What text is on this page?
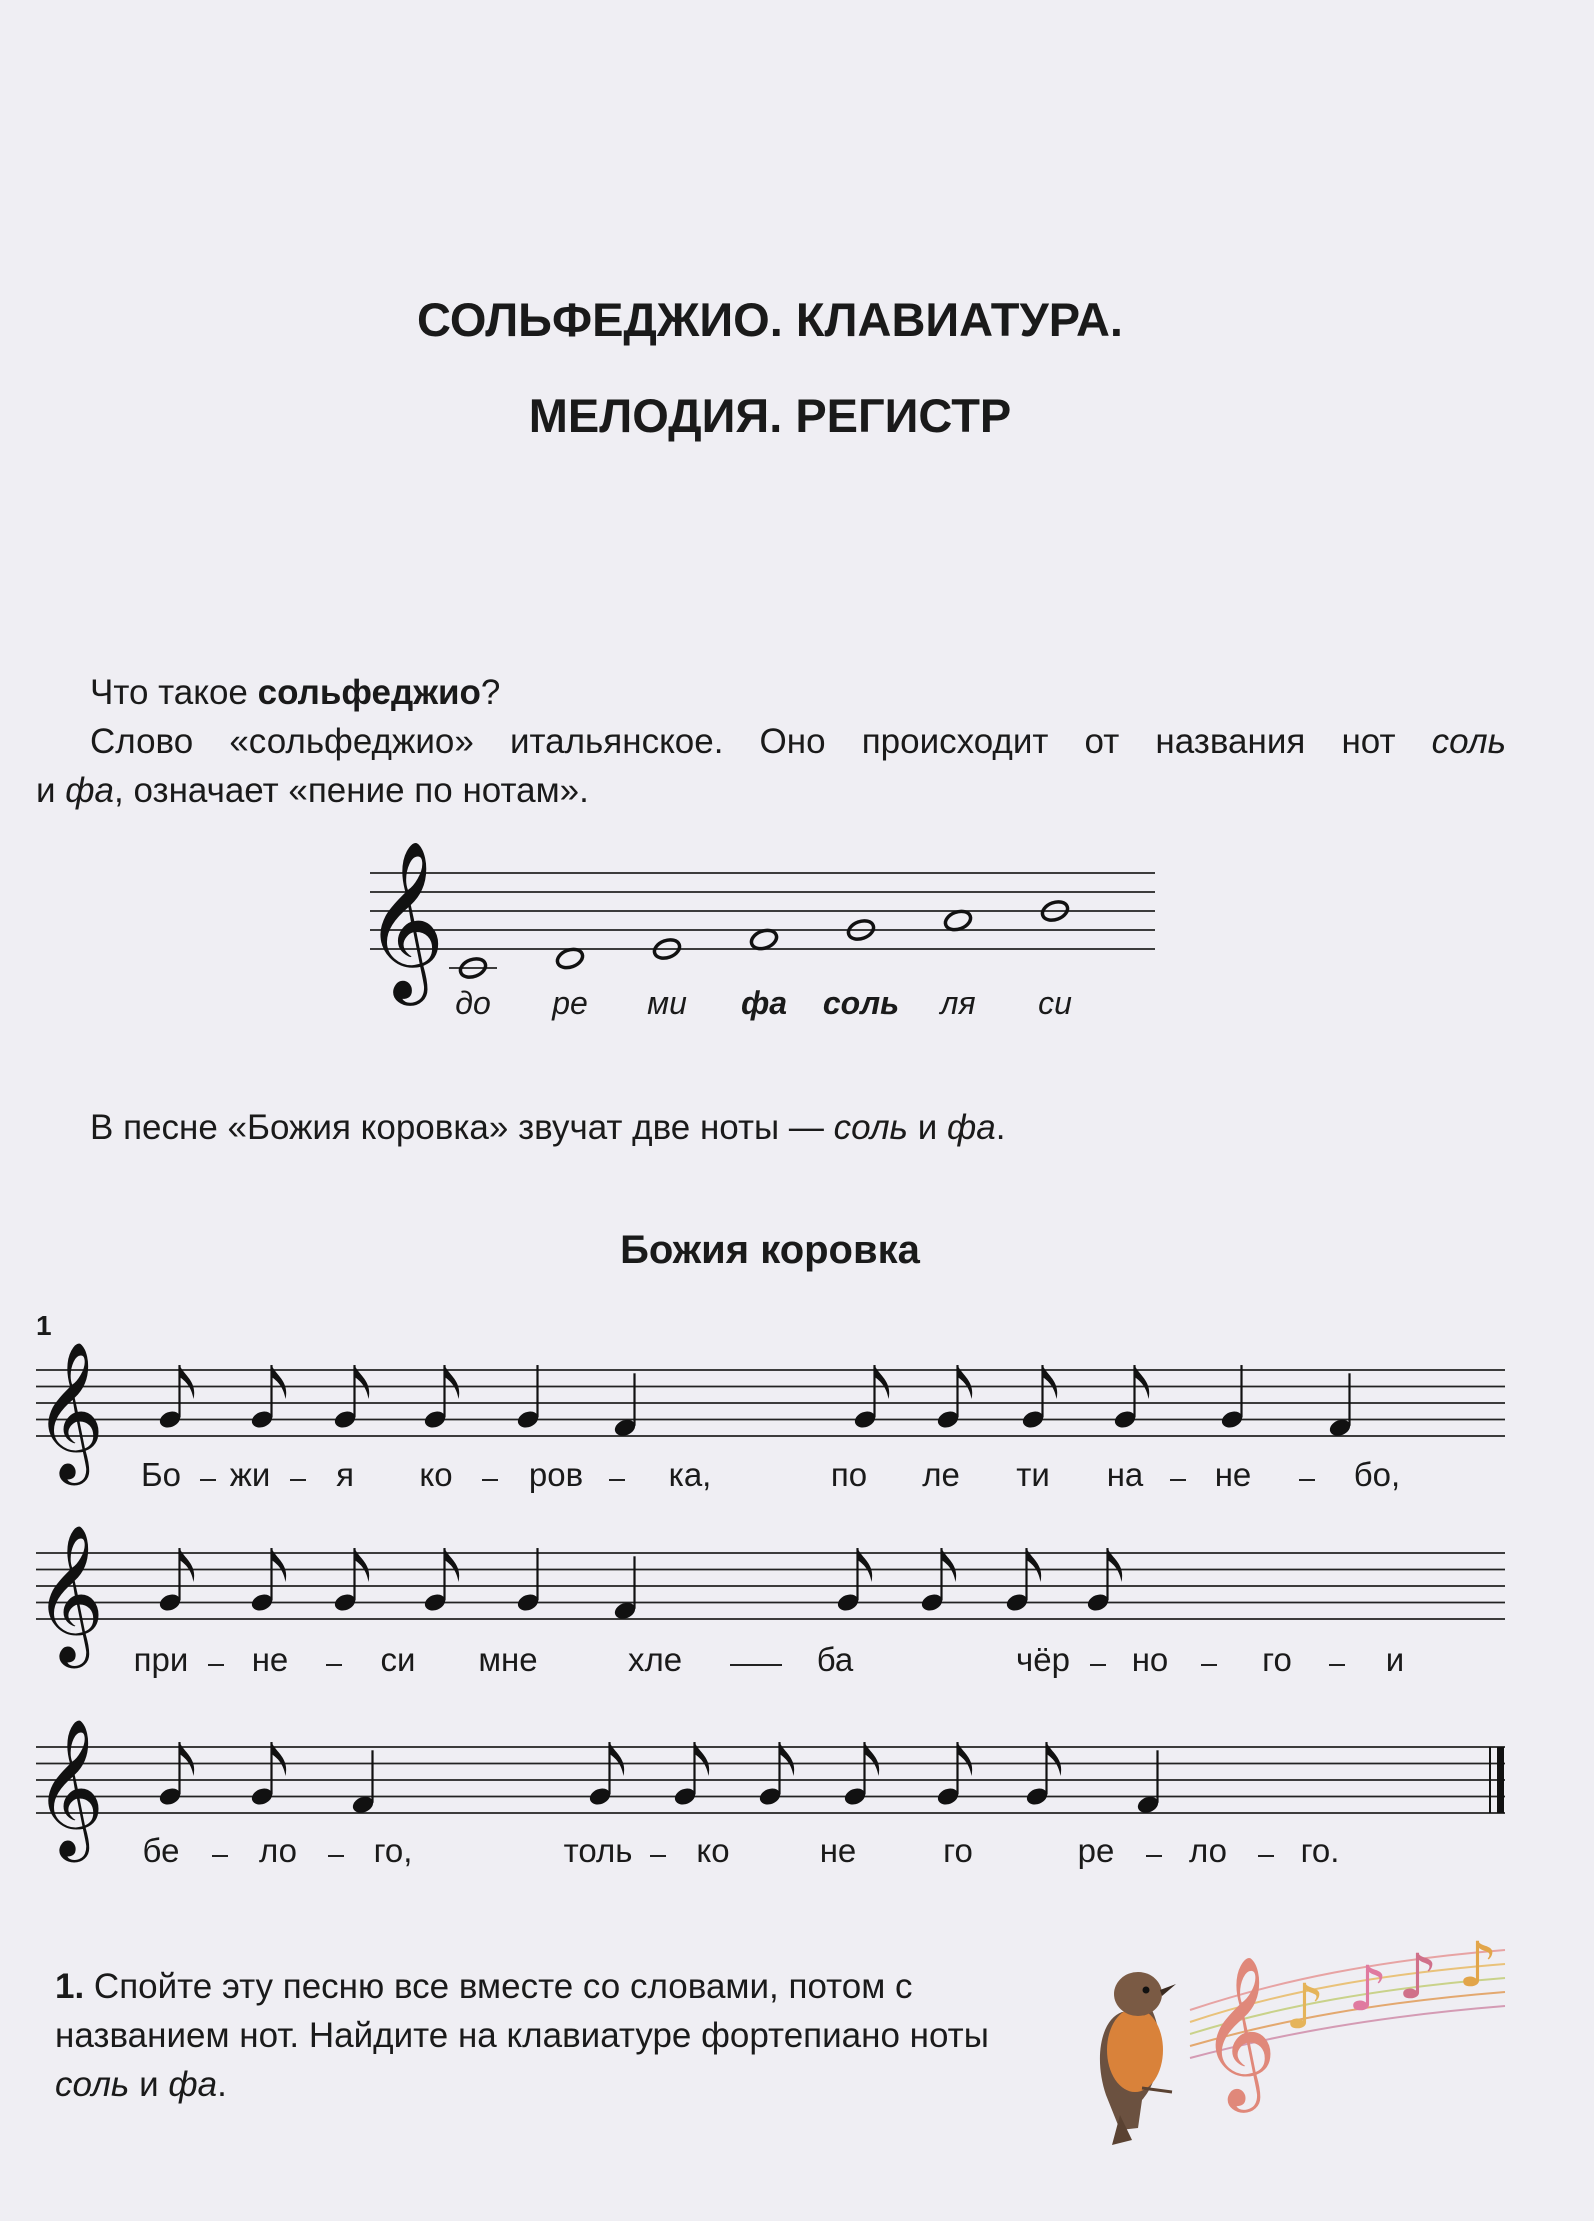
СОЛЬФЕДЖИО. КЛАВИАТУРА.
МЕЛОДИЯ. РЕГИСТР
Что такое сольфеджио?
Слово «сольфеджио» итальянское. Оно происходит от названия нот соль
и фа, означает «пение по нотам».
𝄞
до ре ми фа соль ля си
В песне «Божия коровка» звучат две ноты — соль и фа.
Божия коровка
1
𝄞
𝄞
𝄞
Бо жи я ко ров	ка,	по ле ти на не	бо,
при не	си мне	хле	ба	чёр но	го	и
бе ло го,	толь ко	не	го	ре ло го.
1. Спойте эту песню все вместе со словами, потом с названием нот. Найдите на клавиатуре фортепиано ноты соль и фа.	𝄞 ♪ ♪ ♪ ♪
